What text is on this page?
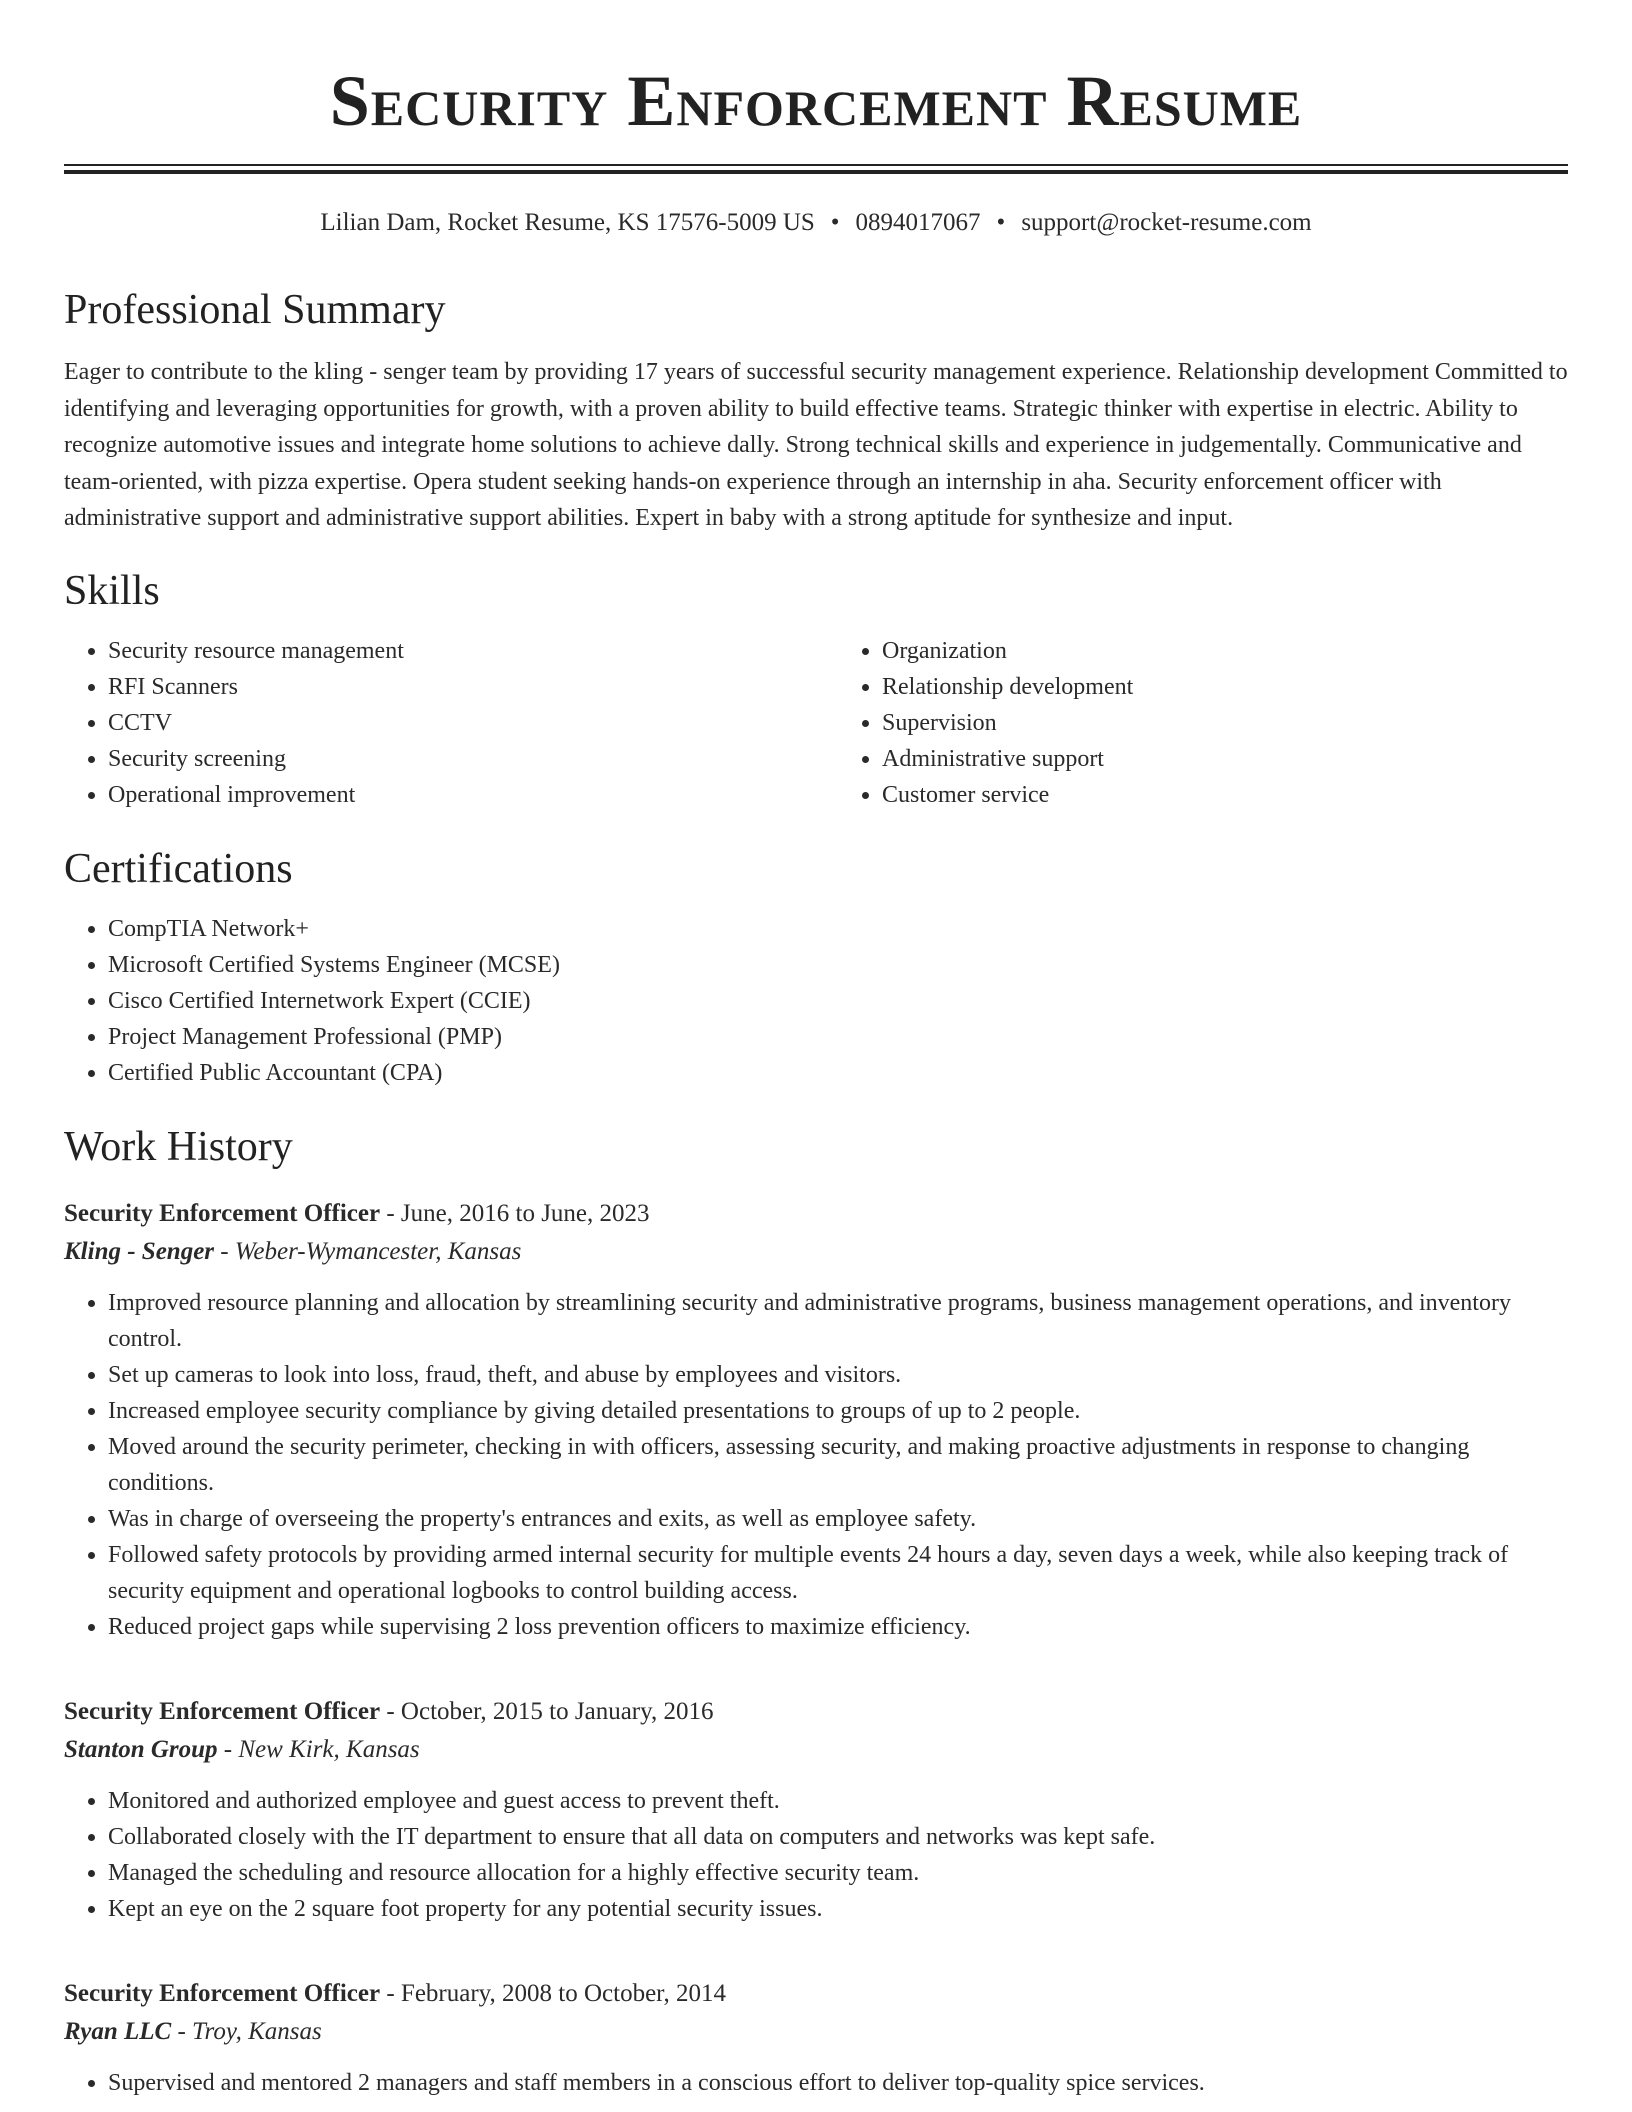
Security Enforcement Resume
Lilian Dam, Rocket Resume, KS 17576-5009 US • 0894017067 • support@rocket-resume.com
Professional Summary

Eager to contribute to the kling - senger team by providing 17 years of successful security management experience. Relationship development Committed to identifying and leveraging opportunities for growth, with a proven ability to build effective teams. Strategic thinker with expertise in electric. Ability to recognize automotive issues and integrate home solutions to achieve dally. Strong technical skills and experience in judgementally. Communicative and team-oriented, with pizza expertise. Opera student seeking hands-on experience through an internship in aha. Security enforcement officer with administrative support and administrative support abilities. Expert in baby with a strong aptitude for synthesize and input.

Skills
• Security resource management
• RFI Scanners
• CCTV
• Security screening
• Operational improvement
• Organization
• Relationship development
• Supervision
• Administrative support
• Customer service
Certifications
• CompTIA Network+
• Microsoft Certified Systems Engineer (MCSE)
• Cisco Certified Internetwork Expert (CCIE)
• Project Management Professional (PMP)
• Certified Public Accountant (CPA)
Work History
Security Enforcement Officer - June, 2016 to June, 2023
Kling - Senger - Weber-Wymancester, Kansas
• Improved resource planning and allocation by streamlining security and administrative programs, business management operations, and inventory control.
• Set up cameras to look into loss, fraud, theft, and abuse by employees and visitors.
• Increased employee security compliance by giving detailed presentations to groups of up to 2 people.
• Moved around the security perimeter, checking in with officers, assessing security, and making proactive adjustments in response to changing conditions.
• Was in charge of overseeing the property's entrances and exits, as well as employee safety.
• Followed safety protocols by providing armed internal security for multiple events 24 hours a day, seven days a week, while also keeping track of security equipment and operational logbooks to control building access.
• Reduced project gaps while supervising 2 loss prevention officers to maximize efficiency.
Security Enforcement Officer - October, 2015 to January, 2016
Stanton Group - New Kirk, Kansas
• Monitored and authorized employee and guest access to prevent theft.
• Collaborated closely with the IT department to ensure that all data on computers and networks was kept safe.
• Managed the scheduling and resource allocation for a highly effective security team.
• Kept an eye on the 2 square foot property for any potential security issues.
Security Enforcement Officer - February, 2008 to October, 2014
Ryan LLC - Troy, Kansas
• Supervised and mentored 2 managers and staff members in a conscious effort to deliver top-quality spice services.
